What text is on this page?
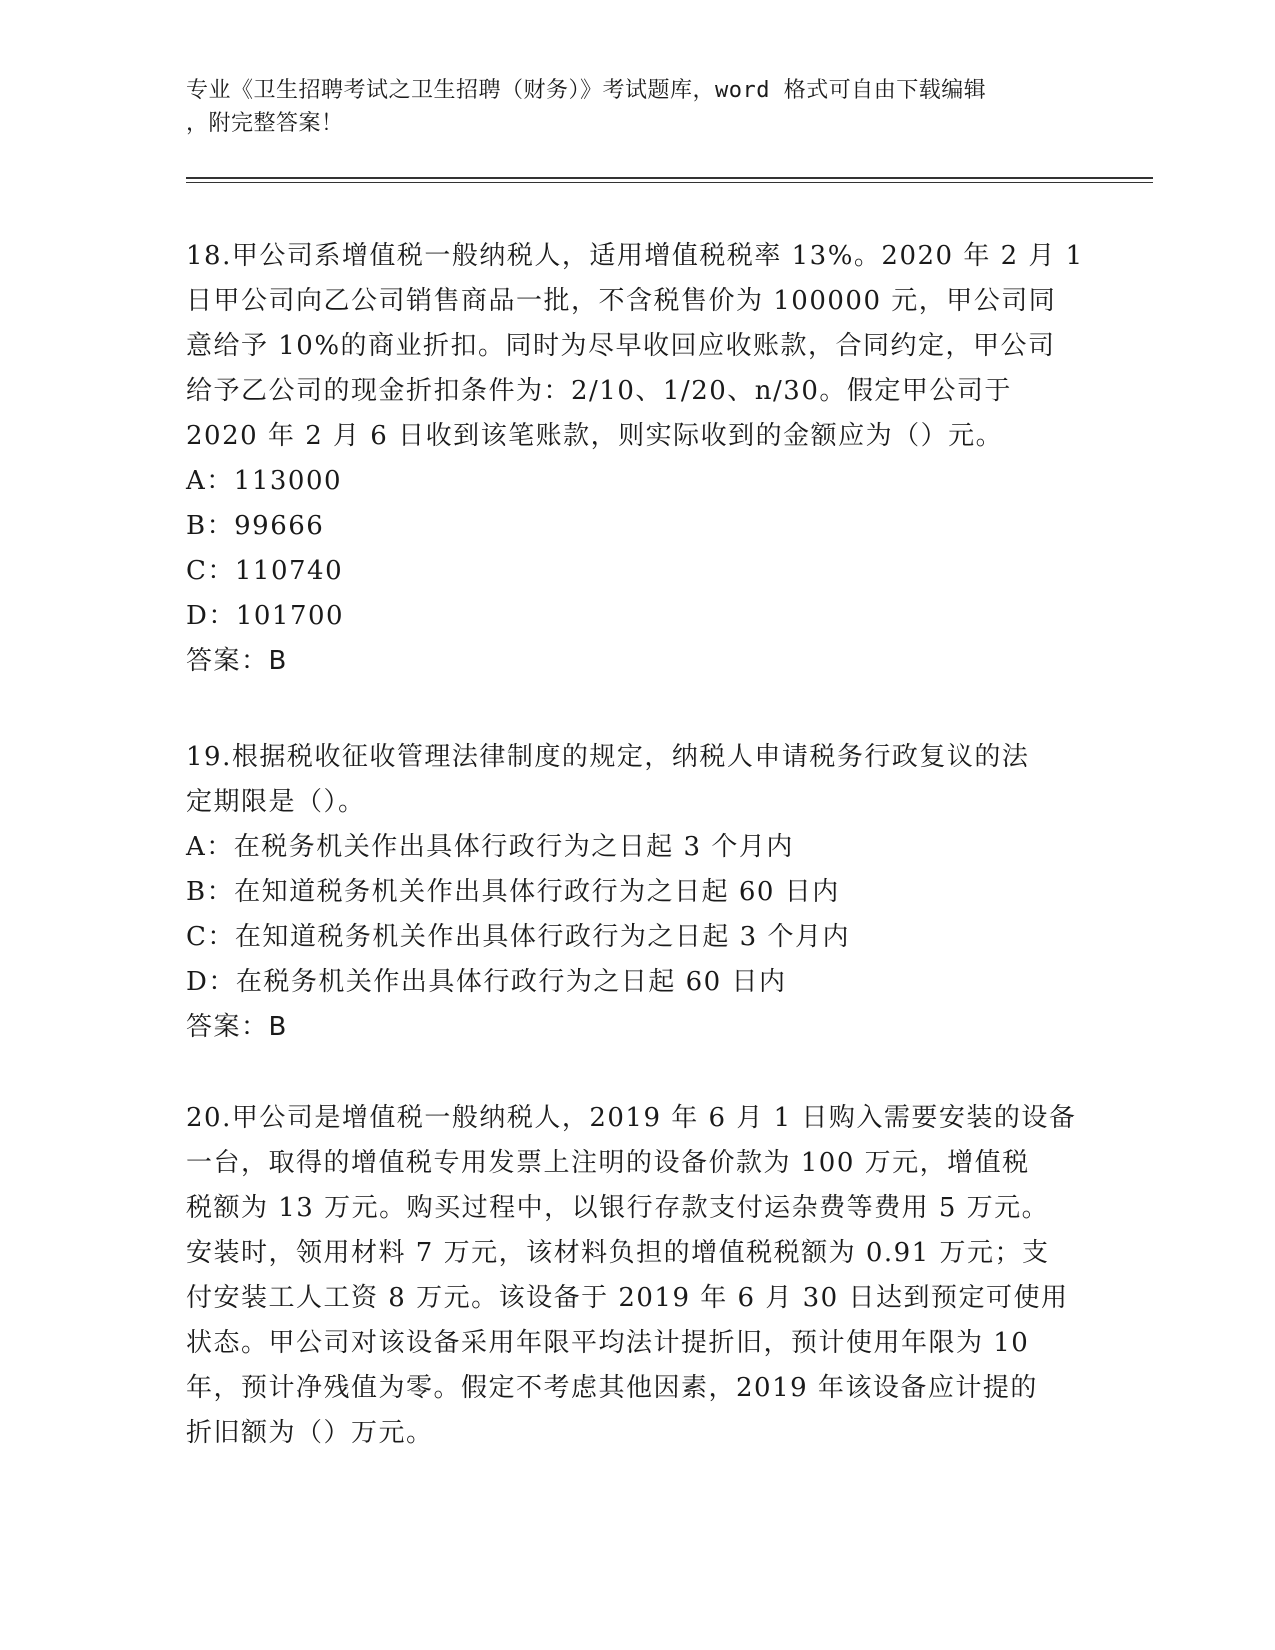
专业《卫生招聘考试之卫生招聘（财务）》考试题库，word 格式可自由下载编辑
，附完整答案！
18.甲公司系增值税一般纳税人，适用增值税税率 13%。2020 年 2 月 1
日甲公司向乙公司销售商品一批，不含税售价为 100000 元，甲公司同
意给予 10%的商业折扣。同时为尽早收回应收账款，合同约定，甲公司
给予乙公司的现金折扣条件为：2/10、1/20、n/30。假定甲公司于
2020 年 2 月 6 日收到该笔账款，则实际收到的金额应为（）元。
A：113000
B：99666
C：110740
D：101700
答案：B
19.根据税收征收管理法律制度的规定，纳税人申请税务行政复议的法
定期限是（）。
A：在税务机关作出具体行政行为之日起 3 个月内
B：在知道税务机关作出具体行政行为之日起 60 日内
C：在知道税务机关作出具体行政行为之日起 3 个月内
D：在税务机关作出具体行政行为之日起 60 日内
答案：B
20.甲公司是增值税一般纳税人，2019 年 6 月 1 日购入需要安装的设备
一台，取得的增值税专用发票上注明的设备价款为 100 万元，增值税
税额为 13 万元。购买过程中，以银行存款支付运杂费等费用 5 万元。
安装时，领用材料 7 万元，该材料负担的增值税税额为 0.91 万元；支
付安装工人工资 8 万元。该设备于 2019 年 6 月 30 日达到预定可使用
状态。甲公司对该设备采用年限平均法计提折旧，预计使用年限为 10
年，预计净残值为零。假定不考虑其他因素，2019 年该设备应计提的
折旧额为（）万元。
